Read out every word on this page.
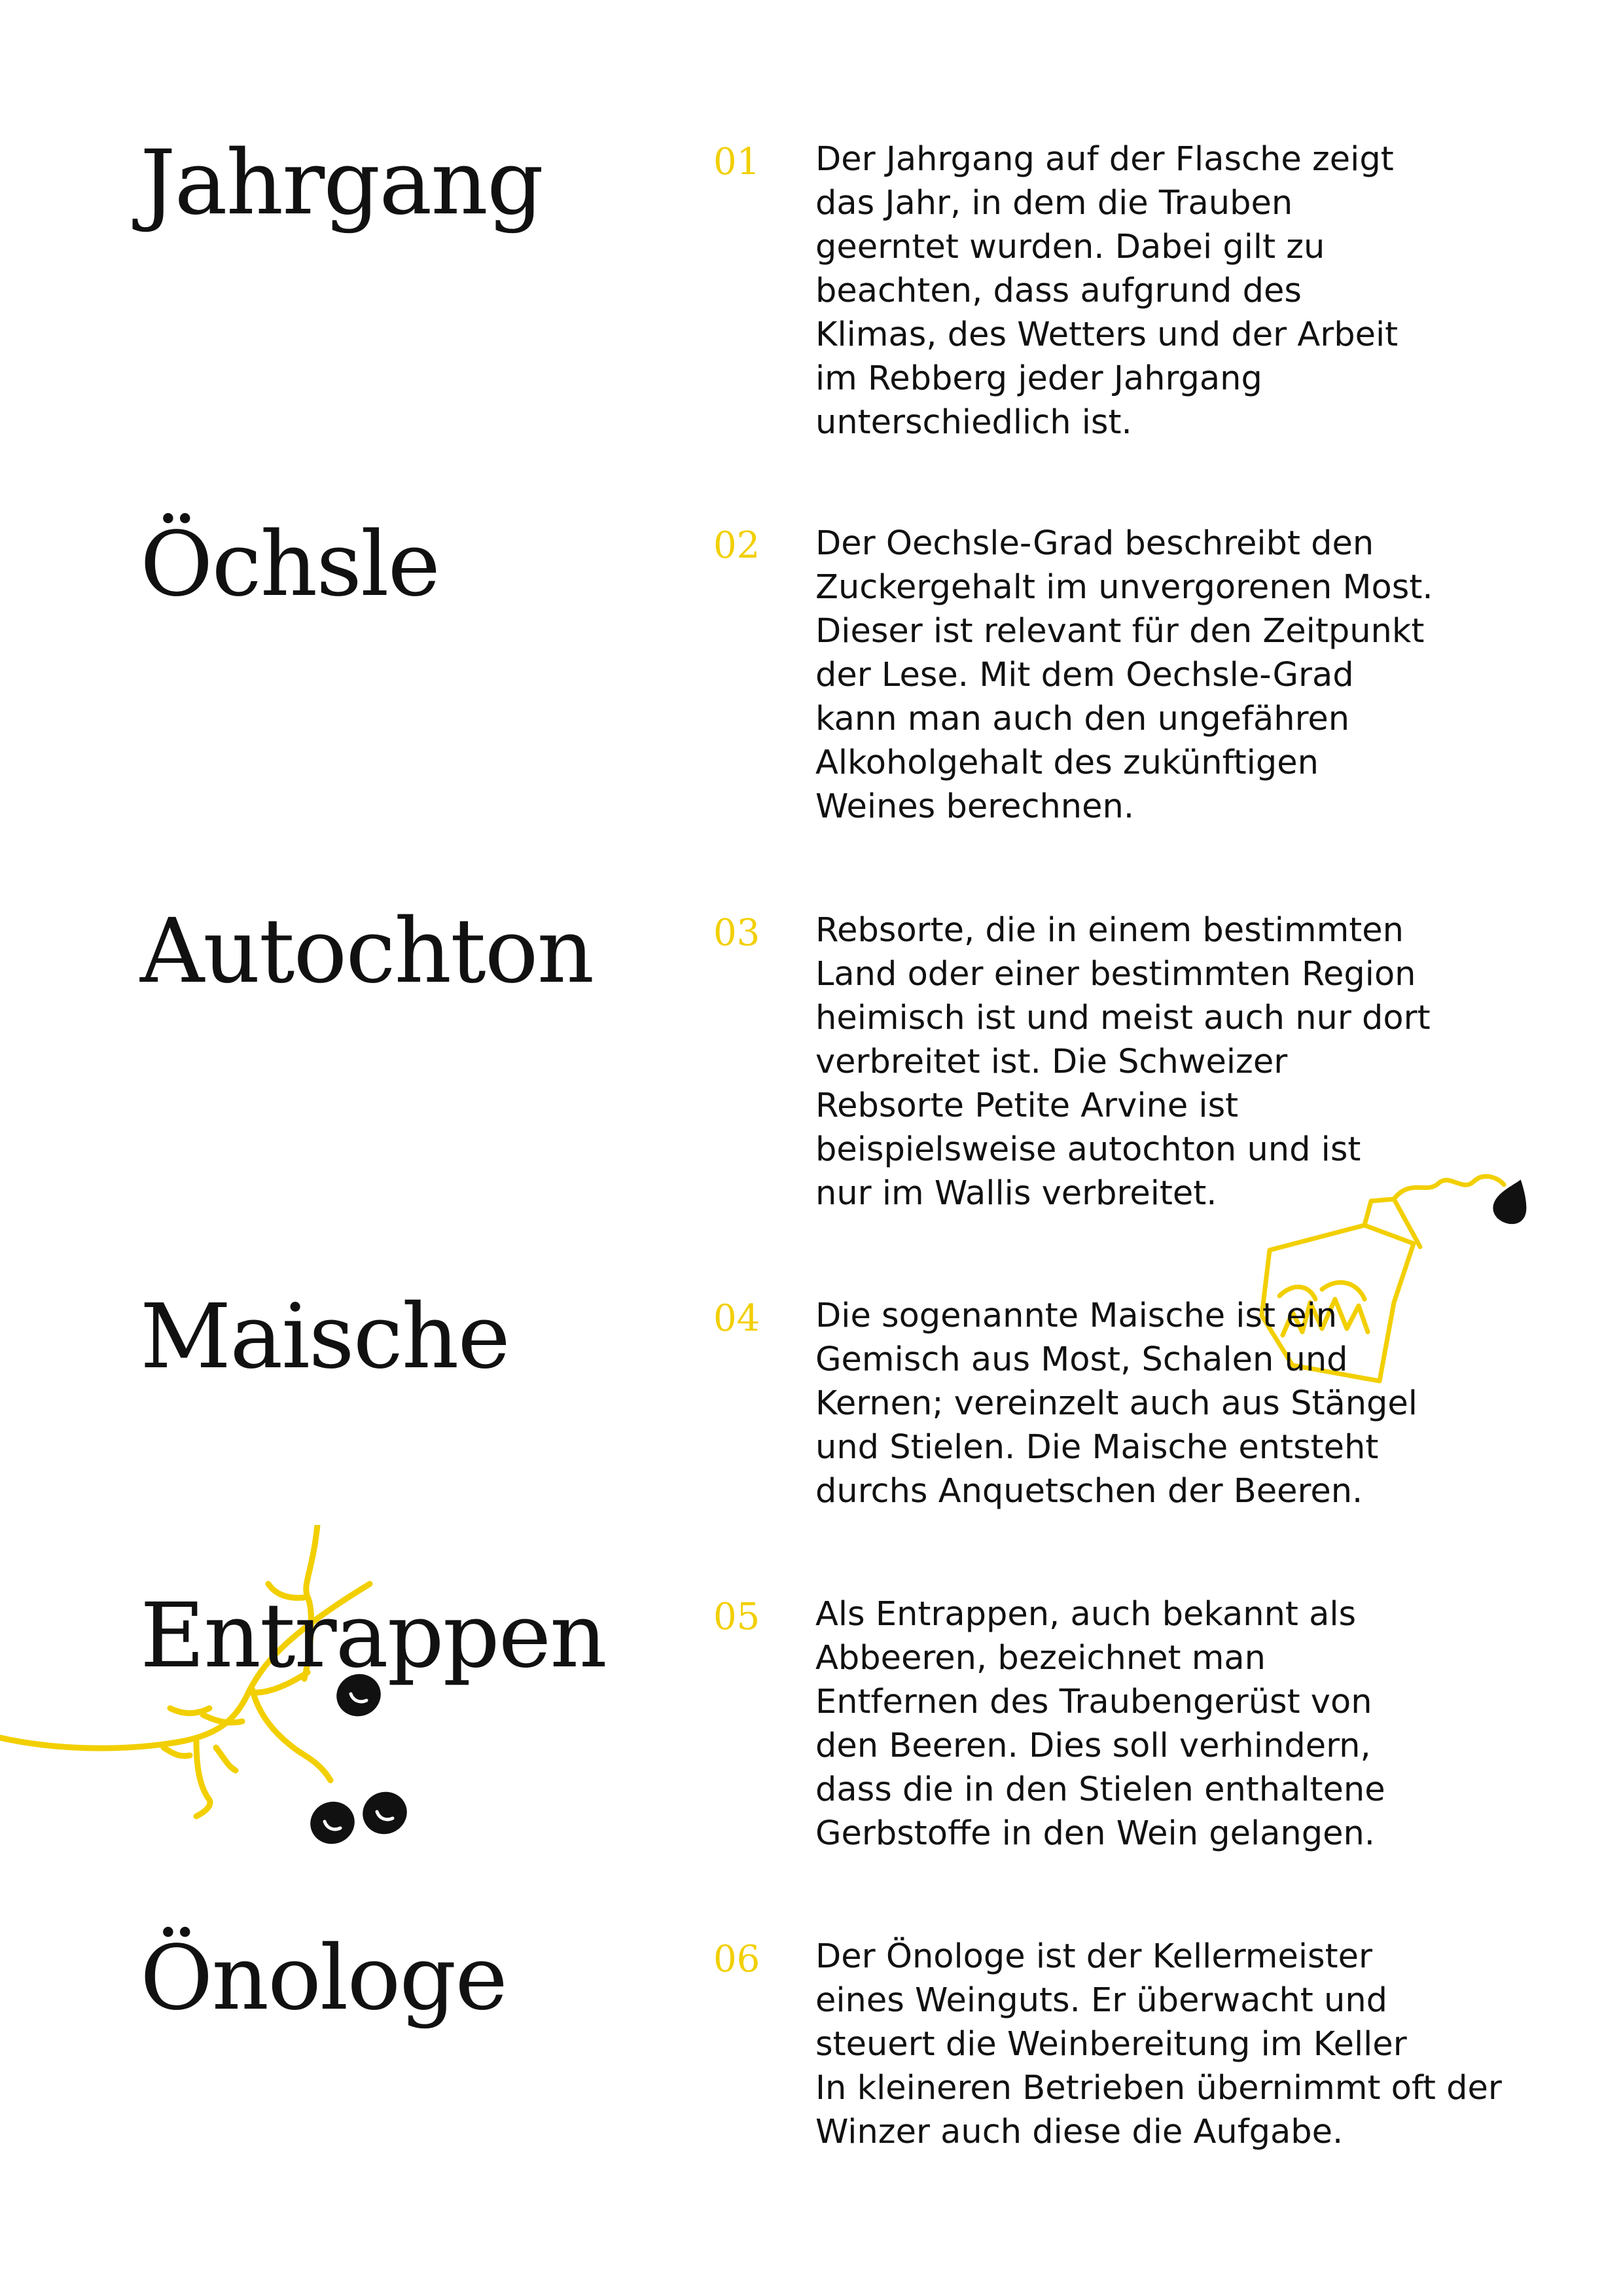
Jahrgang	01 Der Jahrgang auf der Flasche zeigt
das Jahr, in dem die Trauben
geerntet wurden. Dabei gilt zu
beachten, dass aufgrund des
Klimas, des Wetters und der Arbeit
im Rebberg jeder Jahrgang
unterschiedlich ist.
Öchsle	02 Der Oechsle-Grad beschreibt den
Zuckergehalt im unvergorenen Most.
Dieser ist relevant für den Zeitpunkt
der Lese. Mit dem Oechsle-Grad
kann man auch den ungefähren
Alkoholgehalt des zukünftigen
Weines berechnen.
Autochton	03 Rebsorte, die in einem bestimmten
Land oder einer bestimmten Region
heimisch ist und meist auch nur dort
verbreitet ist. Die Schweizer
Rebsorte Petite Arvine ist
beispielsweise autochton und ist
nur im Wallis verbreitet.
Maische	04 Die sogenannte Maische ist ein
Gemisch aus Most, Schalen und
Kernen; vereinzelt auch aus Stängel
und Stielen. Die Maische entsteht
durchs Anquetschen der Beeren.
Entrappen	05 Als Entrappen, auch bekannt als
Abbeeren, bezeichnet man
Entfernen des Traubengerüst von
den Beeren. Dies soll verhindern,
dass die in den Stielen enthaltene
Gerbstoffe in den Wein gelangen.
Önologe	06 Der Önologe ist der Kellermeister
eines Weinguts. Er überwacht und
steuert die Weinbereitung im Keller
In kleineren Betrieben übernimmt oft der
Winzer auch diese die Aufgabe.
